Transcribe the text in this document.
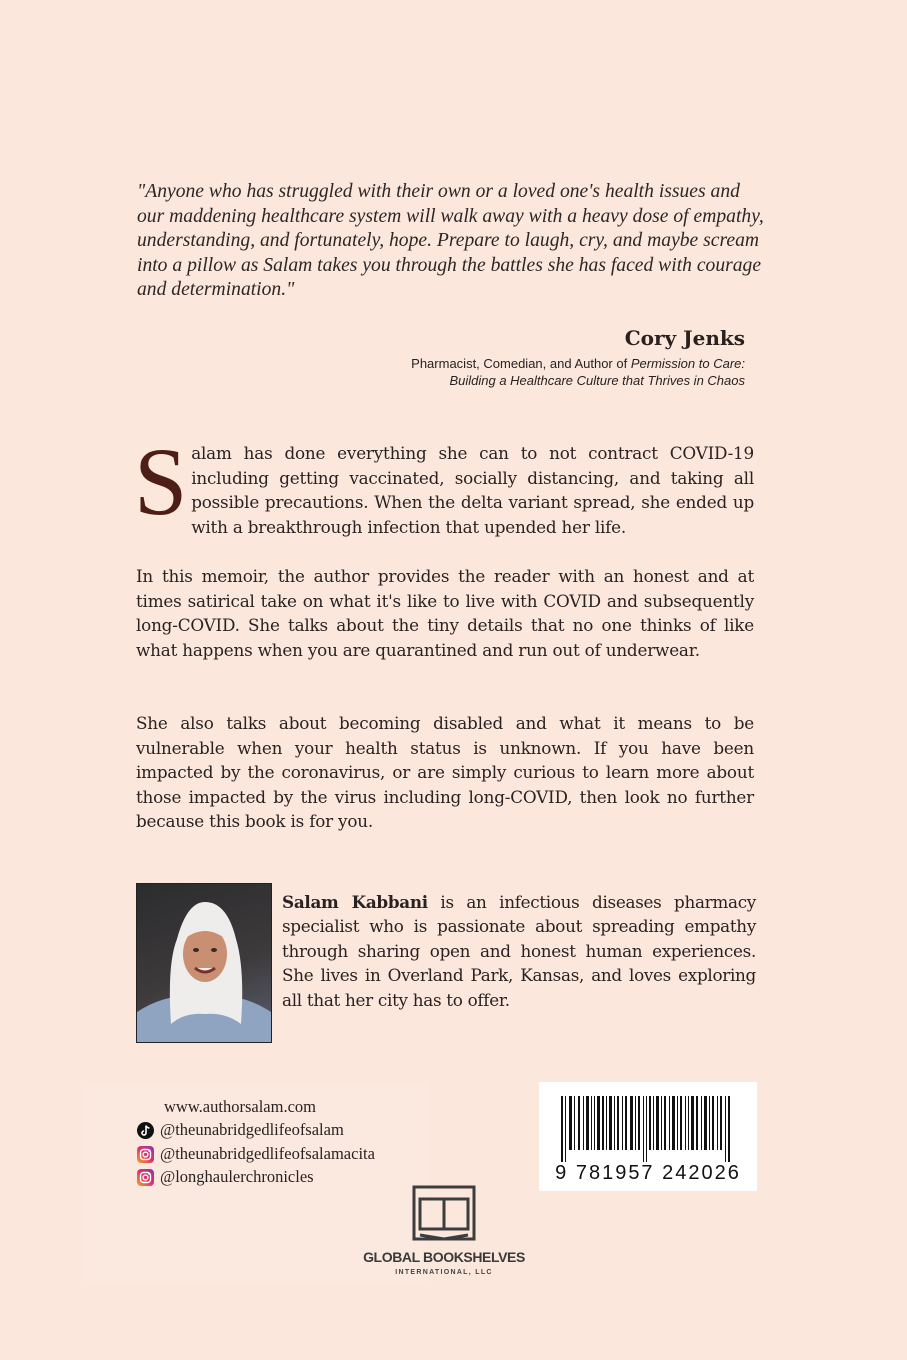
"Anyone who has struggled with their own or a loved one's health issues and our maddening healthcare system will walk away with a heavy dose of empathy, understanding, and fortunately, hope. Prepare to laugh, cry, and maybe scream into a pillow as Salam takes you through the battles she has faced with courage and determination."

Cory Jenks
Pharmacist, Comedian, and Author of Permission to Care:
Building a Healthcare Culture that Thrives in Chaos

Salam has done everything she can to not contract COVID-19 including getting vaccinated, socially distancing, and taking all possible precautions. When the delta variant spread, she ended up with a breakthrough infection that upended her life.

In this memoir, the author provides the reader with an honest and at times satirical take on what it's like to live with COVID and subsequently long-COVID. She talks about the tiny details that no one thinks of like what happens when you are quarantined and run out of underwear.

She also talks about becoming disabled and what it means to be vulnerable when your health status is unknown. If you have been impacted by the coronavirus, or are simply curious to learn more about those impacted by the virus including long-COVID, then look no further because this book is for you.

Salam Kabbani is an infectious diseases pharmacy specialist who is passionate about spreading empathy through sharing open and honest human experiences. She lives in Overland Park, Kansas, and loves exploring all that her city has to offer.

www.authorsalam.com
@theunabridgedlifeofsalam
@theunabridgedlifeofsalamacita
@longhaulerchronicles	9 781957 242026
GLOBAL BOOKSHELVES
INTERNATIONAL, LLC
